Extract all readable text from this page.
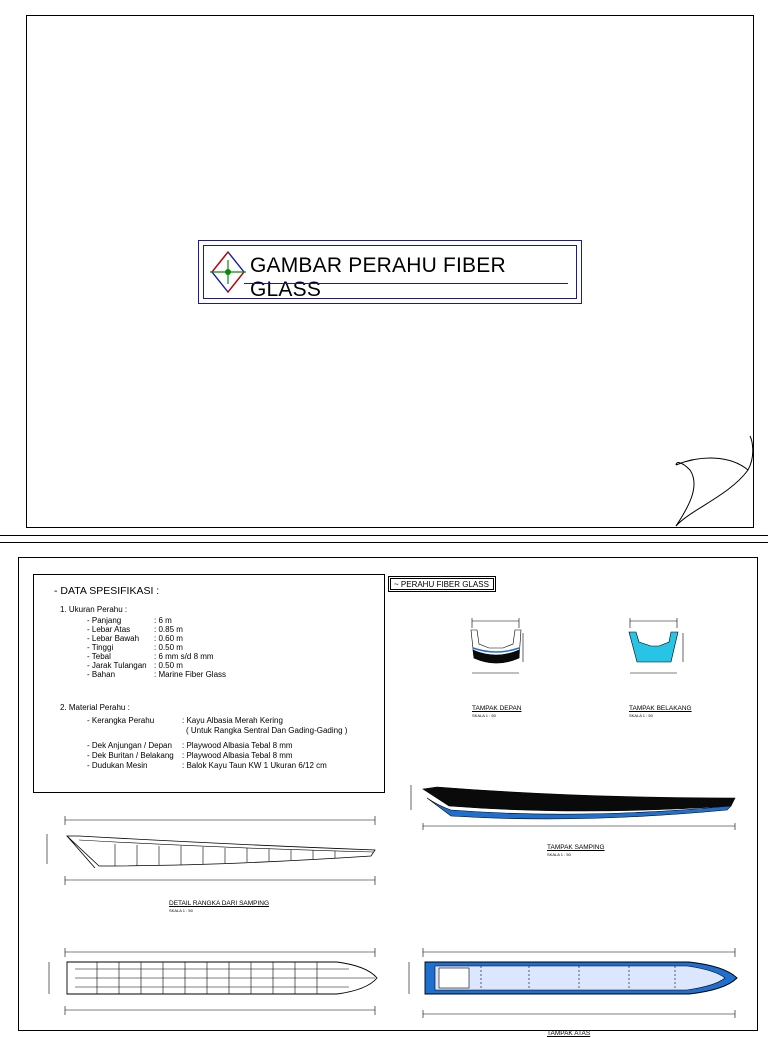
GAMBAR PERAHU FIBER GLASS
- DATA SPESIFIKASI :
1. Ukuran Perahu :
- Panjang	: 6 m
- Lebar Atas	: 0.85 m
- Lebar Bawah : 0.60 m
- Tinggi	: 0.50 m
- Tebal	: 6 mm s/d 8 mm
- Jarak Tulangan : 0.50 m
- Bahan	: Marine Fiber Glass
2. Material Perahu :
- Kerangka Perahu	: Kayu Albasia Merah Kering
( Untuk Rangka Sentral Dan Gading-Gading )
- Dek Anjungan / Depan : Playwood Albasia Tebal 8 mm
- Dek Buritan / Belakang : Playwood Albasia Tebal 8 mm
- Dudukan Mesin	: Balok Kayu Taun KW 1 Ukuran 6/12 cm
~ PERAHU FIBER GLASS
TAMPAK DEPAN
SKALA 1 : 50
TAMPAK BELAKANG
SKALA 1 : 50
TAMPAK SAMPING
SKALA 1 : 50
DETAIL RANGKA DARI SAMPING
SKALA 1 : 50
TAMPAK ATAS
